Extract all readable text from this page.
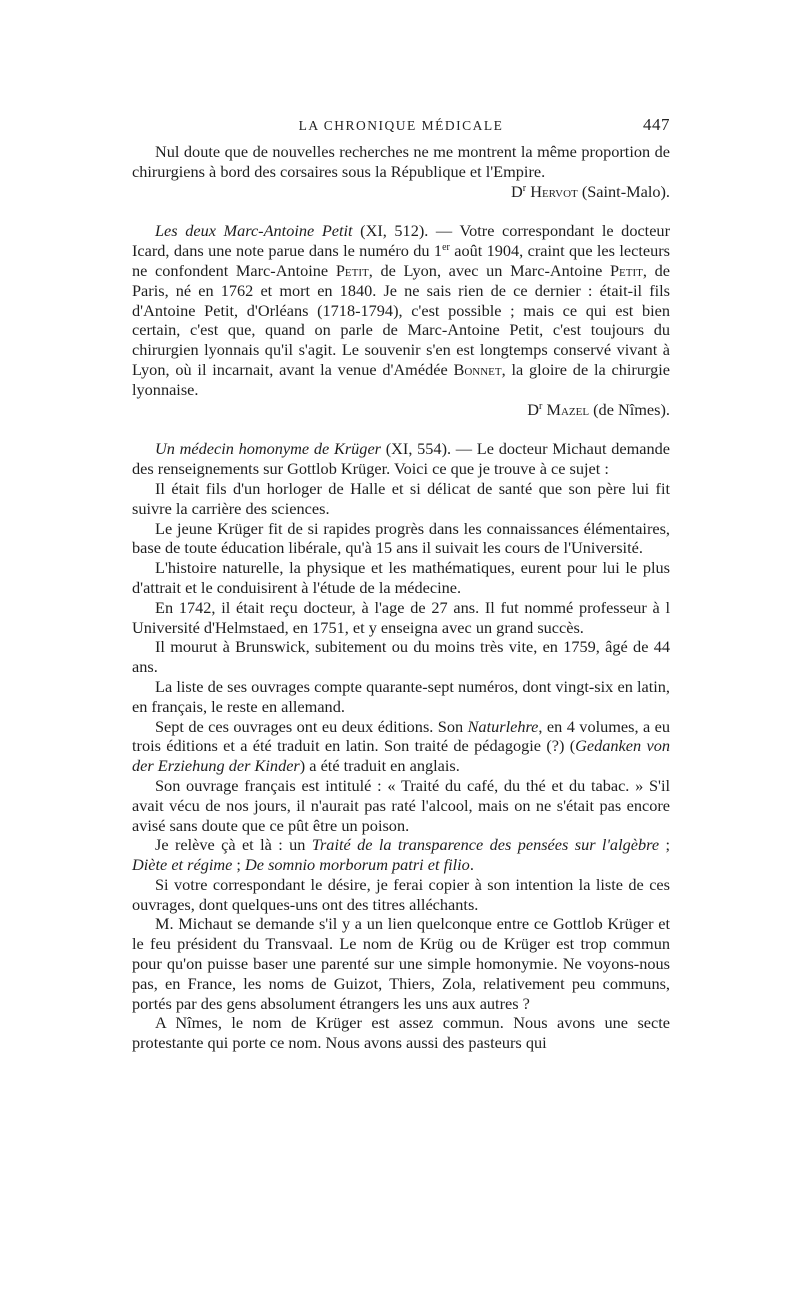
LA CHRONIQUE MÉDICALE	447

Nul doute que de nouvelles recherches ne me montrent la même proportion de chirurgiens à bord des corsaires sous la République et l'Empire.

$D^r$ Hervot (Saint-Malo).

Les deux Marc-Antoine Petit (XI, 512). — Votre correspondant le docteur Icard, dans une note parue dans le numéro du 1er août 1904, craint que les lecteurs ne confondent Marc-Antoine Petit, de Lyon, avec un Marc-Antoine Petit, de Paris, né en 1762 et mort en 1840. Je ne sais rien de ce dernier : était-il fils d'Antoine Petit, d'Orléans (1718-1794), c'est possible ; mais ce qui est bien certain, c'est que, quand on parle de Marc-Antoine Petit, c'est toujours du chirurgien lyonnais qu'il s'agit. Le souvenir s'en est longtemps conservé vivant à Lyon, où il incarnait, avant la venue d'Amédée Bonnet, la gloire de la chirurgie lyonnaise.

$D^r$ Mazel (de Nîmes).

Un médecin homonyme de Krüger (XI, 554). — Le docteur Michaut demande des renseignements sur Gottlob Krüger. Voici ce que je trouve à ce sujet :

Il était fils d'un horloger de Halle et si délicat de santé que son père lui fit suivre la carrière des sciences.

Le jeune Krüger fit de si rapides progrès dans les connaissances élémentaires, base de toute éducation libérale, qu'à 15 ans il suivait les cours de l'Université.

L'histoire naturelle, la physique et les mathématiques, eurent pour lui le plus d'attrait et le conduisirent à l'étude de la médecine.

En 1742, il était reçu docteur, à l'age de 27 ans. Il fut nommé professeur à l Université d'Helmstaed, en 1751, et y enseigna avec un grand succès.

Il mourut à Brunswick, subitement ou du moins très vite, en 1759, âgé de 44 ans.

La liste de ses ouvrages compte quarante-sept numéros, dont vingt-six en latin, en français, le reste en allemand.

Sept de ces ouvrages ont eu deux éditions. Son Naturlehre, en 4 volumes, a eu trois éditions et a été traduit en latin. Son traité de pédagogie (?) (Gedanken von der Erziehung der Kinder) a été traduit en anglais.

Son ouvrage français est intitulé : « Traité du café, du thé et du tabac. » S'il avait vécu de nos jours, il n'aurait pas raté l'alcool, mais on ne s'était pas encore avisé sans doute que ce pût être un poison.

Je relève çà et là : un Traité de la transparence des pensées sur l'algèbre ; Diète et régime ; De somnio morborum patri et filio.

Si votre correspondant le désire, je ferai copier à son intention la liste de ces ouvrages, dont quelques-uns ont des titres alléchants.

M. Michaut se demande s'il y a un lien quelconque entre ce Gottlob Krüger et le feu président du Transvaal. Le nom de Krüg ou de Krüger est trop commun pour qu'on puisse baser une parenté sur une simple homonymie. Ne voyons-nous pas, en France, les noms de Guizot, Thiers, Zola, relativement peu communs, portés par des gens absolument étrangers les uns aux autres ?

A Nîmes, le nom de Krüger est assez commun. Nous avons une secte protestante qui porte ce nom. Nous avons aussi des pasteurs qui
